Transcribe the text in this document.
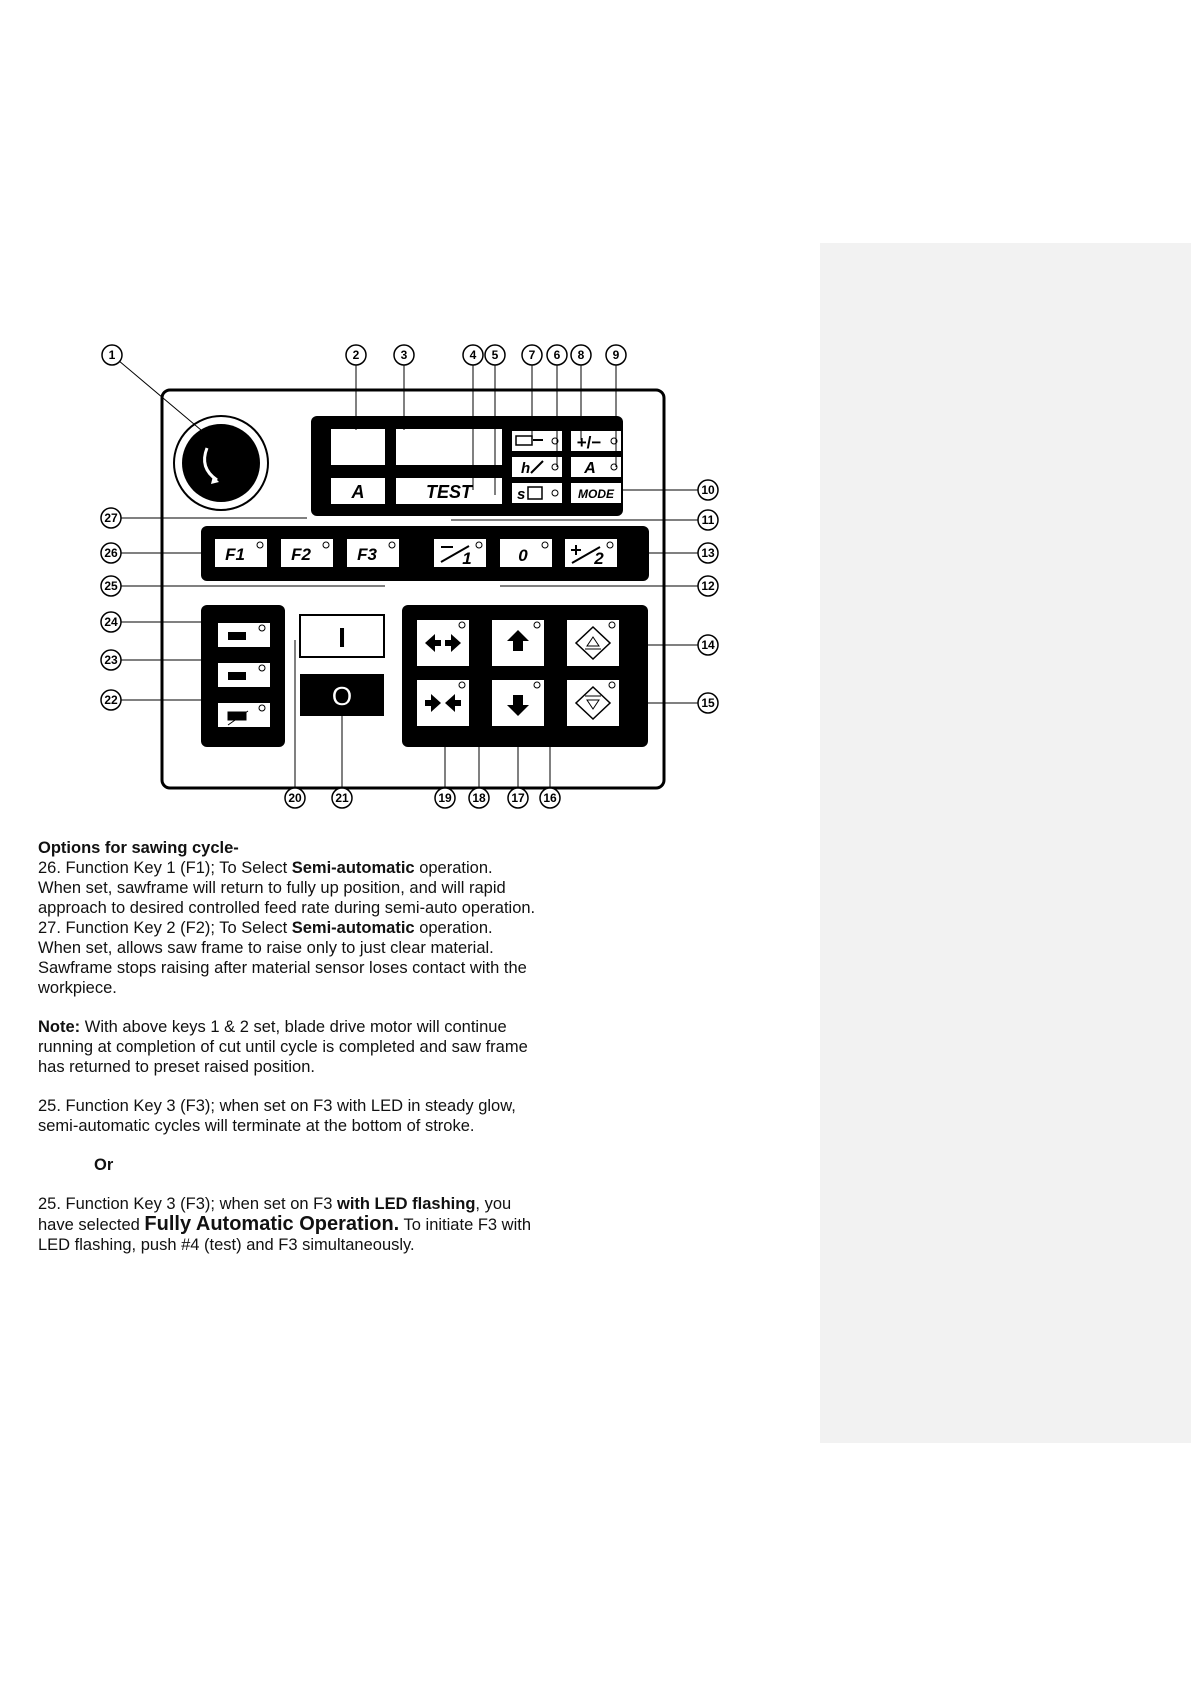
A	TEST
h
s
+/−
A
MODE
F1	F2	F3	1	0	2
I
O
1	2	3	4 5	7 6 8 9
10
11
12
13
14
15
16
17
18
19
20	21
22
23
24
25
26
27

Options for sawing cycle-

26. Function Key 1 (F1); To Select Semi-automatic operation.

When set, sawframe will return to fully up position, and will rapid

approach to desired controlled feed rate during semi-auto operation.

27. Function Key 2 (F2); To Select Semi-automatic operation.

When set, allows saw frame to raise only to just clear material.

Sawframe stops raising after material sensor loses contact with the

workpiece.

Note: With above keys 1 & 2 set, blade drive motor will continue

running at completion of cut until cycle is completed and saw frame

has returned to preset raised position.

25. Function Key 3 (F3); when set on F3 with LED in steady glow,

semi-automatic cycles will terminate at the bottom of stroke.

Or

25. Function Key 3 (F3); when set on F3 with LED flashing, you

have selected Fully Automatic Operation. To initiate F3 with

LED flashing, push #4 (test) and F3 simultaneously.
